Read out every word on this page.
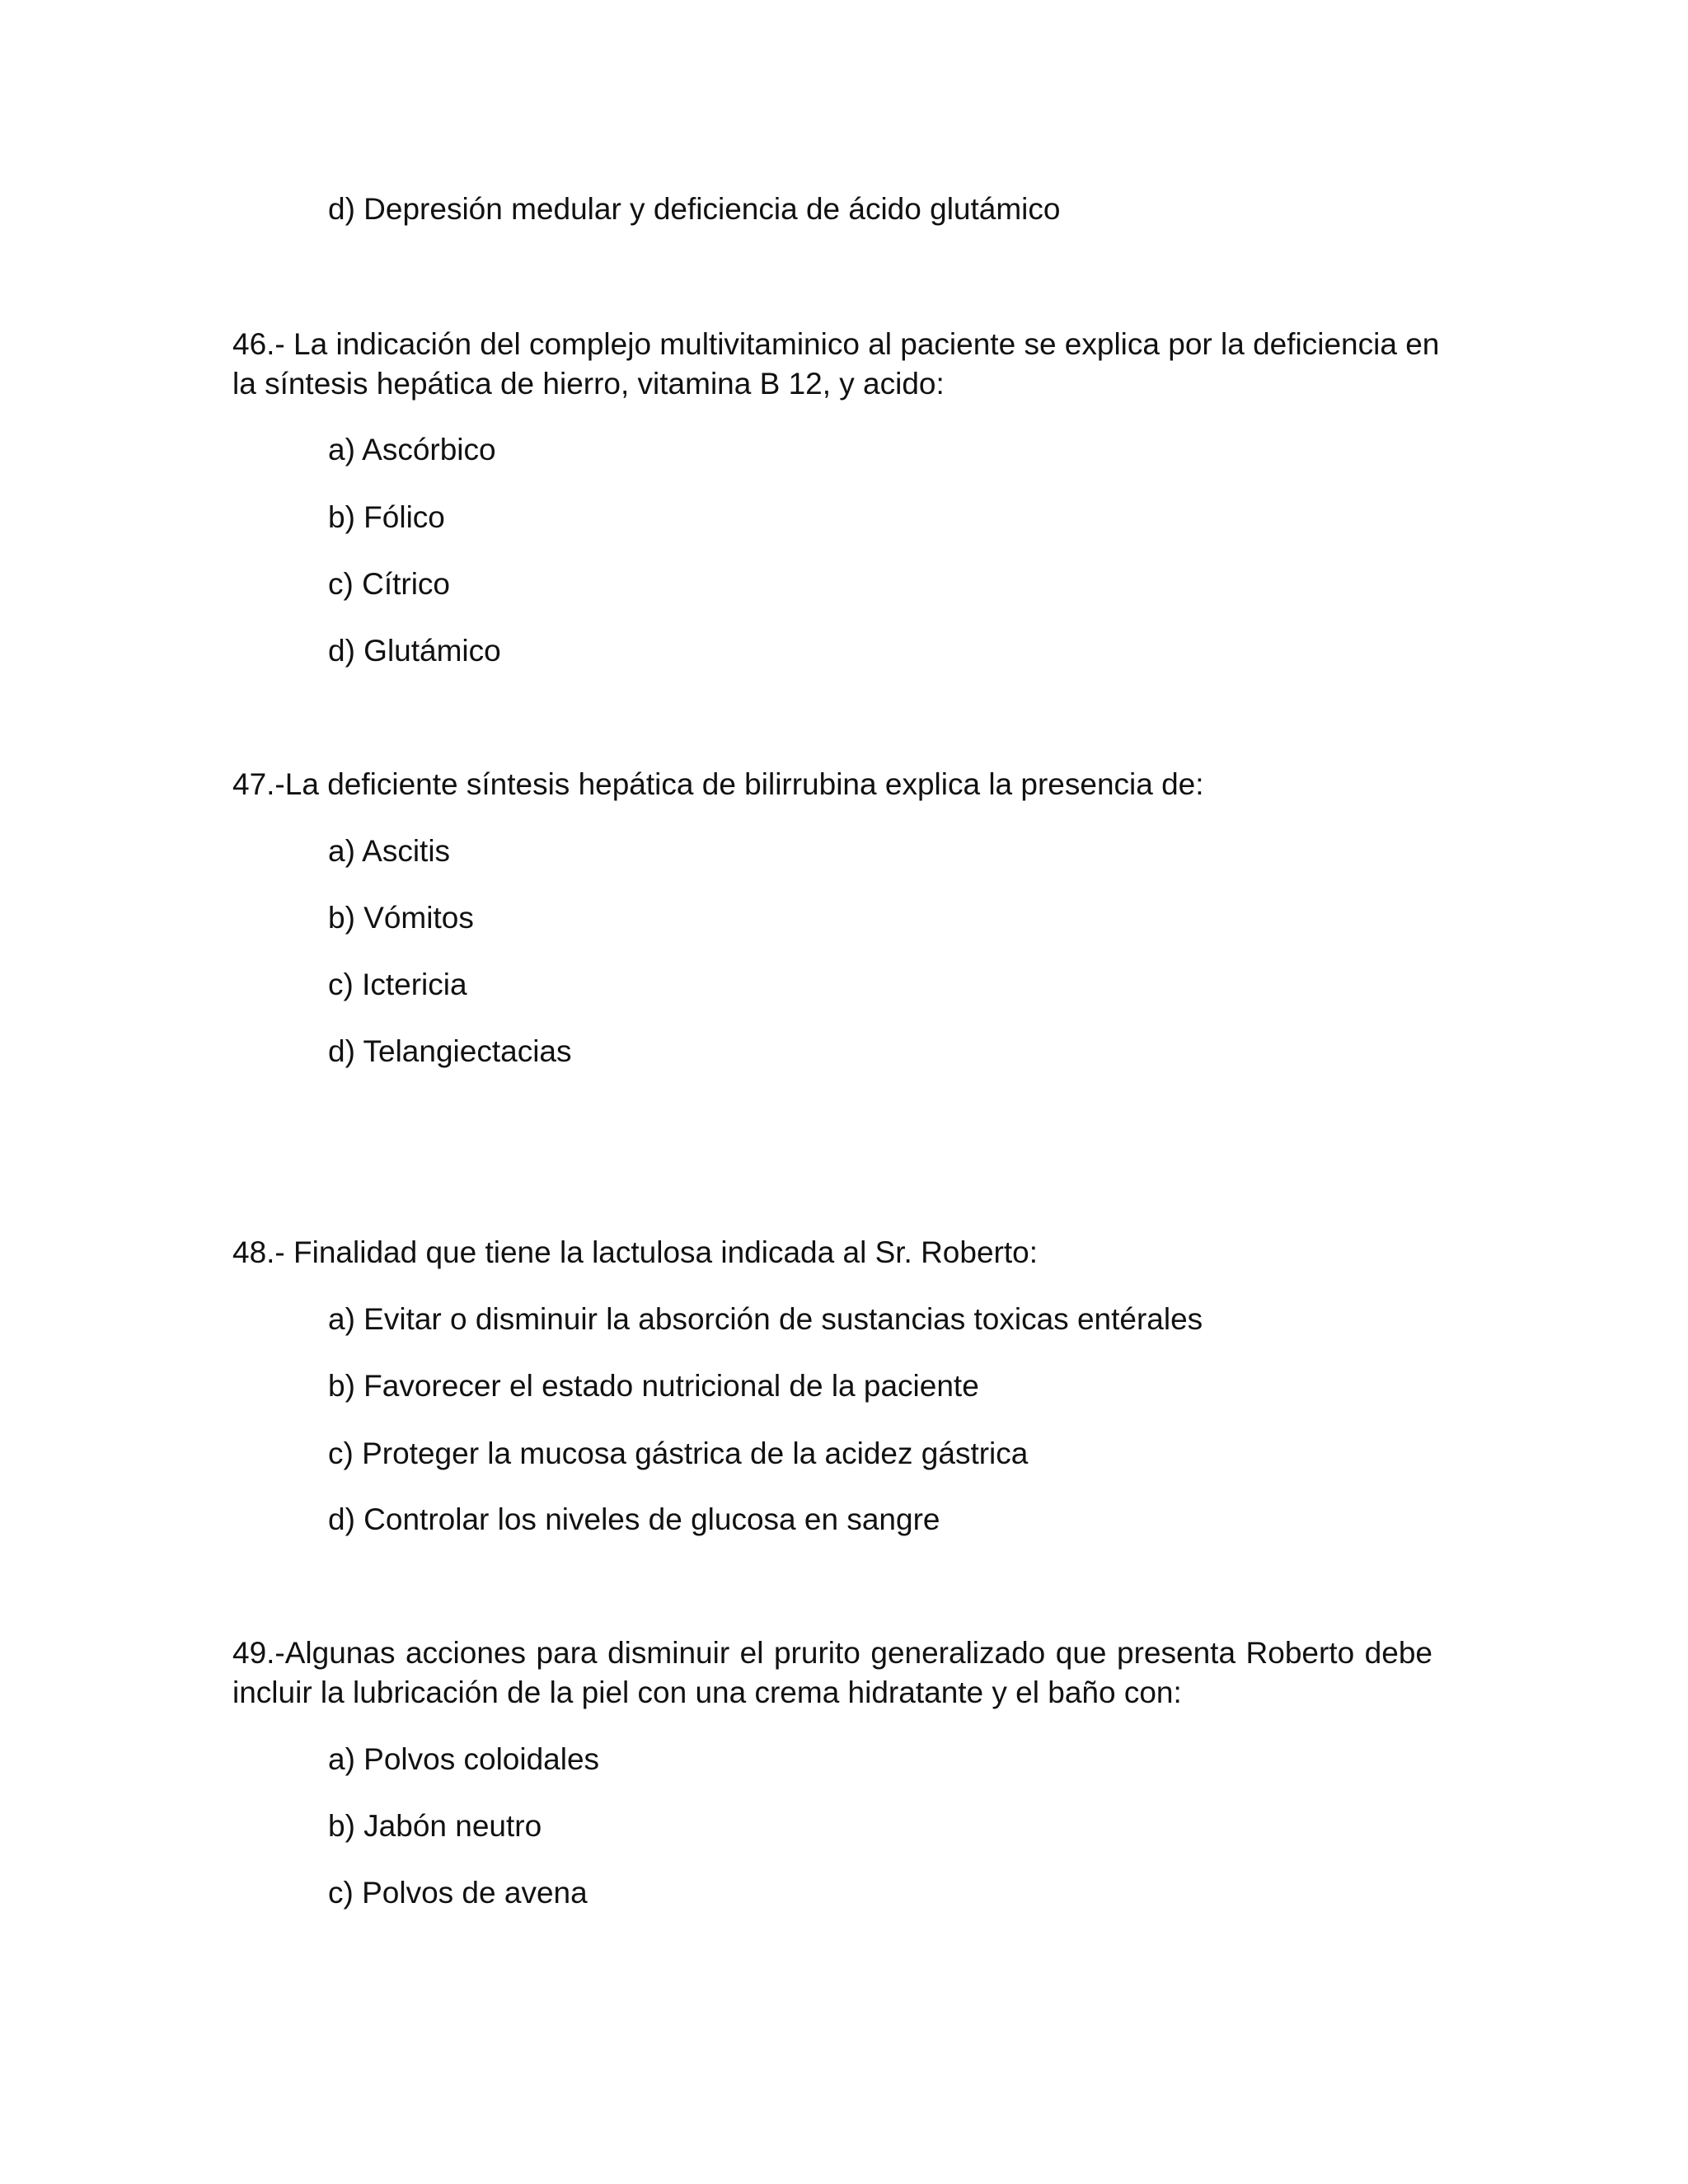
d) Depresión medular y deficiencia de ácido glutámico
46.- La indicación del complejo multivitaminico al paciente se explica por la deficiencia en
la síntesis hepática de hierro, vitamina B 12, y acido:
a) Ascórbico
b) Fólico
c) Cítrico
d) Glutámico
47.-La deficiente síntesis hepática de bilirrubina explica la presencia de:
a) Ascitis
b) Vómitos
c) Ictericia
d) Telangiectacias
48.- Finalidad que tiene la lactulosa indicada al Sr. Roberto:
a) Evitar o disminuir la absorción de sustancias toxicas entérales
b) Favorecer el estado nutricional de la paciente
c) Proteger la mucosa gástrica de la acidez gástrica
d) Controlar los niveles de glucosa en sangre
49.-Algunas acciones para disminuir el prurito generalizado que presenta Roberto debe
incluir la lubricación de la piel con una crema hidratante y el baño con:
a) Polvos coloidales
b) Jabón neutro
c) Polvos de avena
